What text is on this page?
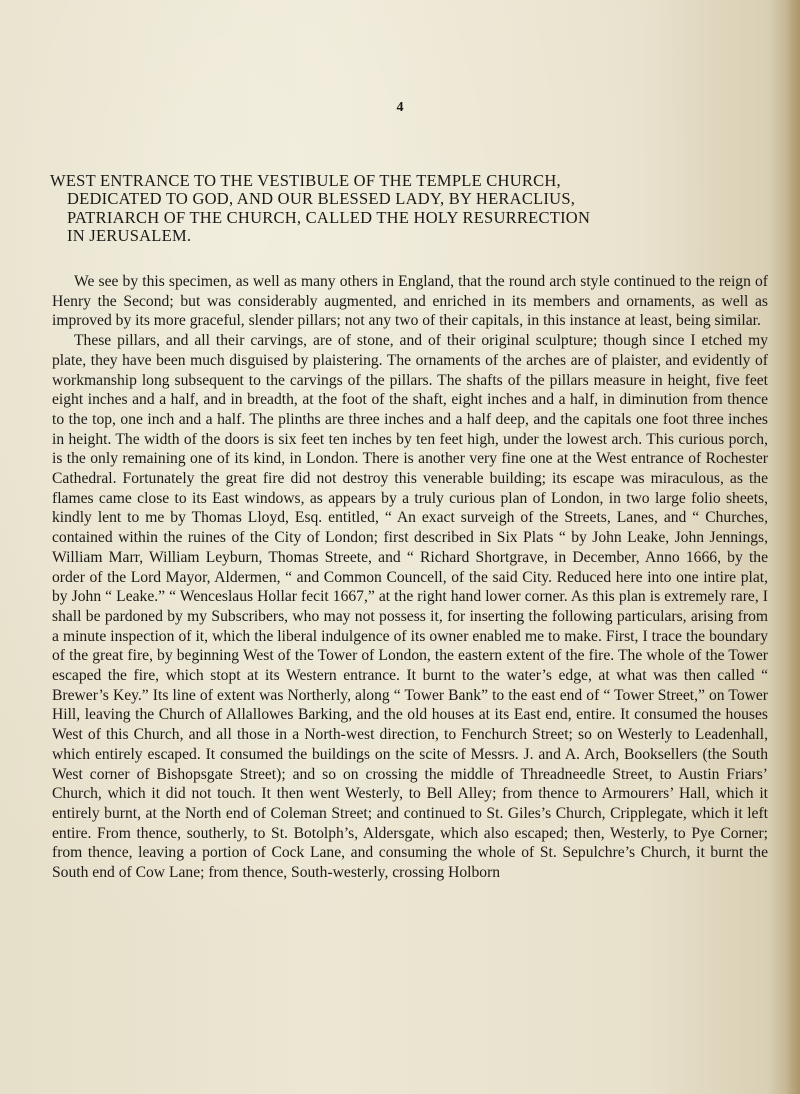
4
WEST ENTRANCE TO THE VESTIBULE OF THE TEMPLE CHURCH,
DEDICATED TO GOD, AND OUR BLESSED LADY, BY HERACLIUS,
PATRIARCH OF THE CHURCH, CALLED THE HOLY RESURRECTION
IN JERUSALEM.

We see by this specimen, as well as many others in England, that the round arch style continued to the reign of Henry the Second; but was considerably augmented, and enriched in its members and ornaments, as well as improved by its more graceful, slender pillars; not any two of their capitals, in this instance at least, being similar.

These pillars, and all their carvings, are of stone, and of their original sculpture; though since I etched my plate, they have been much disguised by plaistering. The ornaments of the arches are of plaister, and evidently of workmanship long subsequent to the carvings of the pillars. The shafts of the pillars measure in height, five feet eight inches and a half, and in breadth, at the foot of the shaft, eight inches and a half, in diminution from thence to the top, one inch and a half. The plinths are three inches and a half deep, and the capitals one foot three inches in height. The width of the doors is six feet ten inches by ten feet high, under the lowest arch. This curious porch, is the only remaining one of its kind, in London. There is another very fine one at the West entrance of Rochester Cathedral. Fortunately the great fire did not destroy this venerable building; its escape was miraculous, as the flames came close to its East windows, as appears by a truly curious plan of London, in two large folio sheets, kindly lent to me by Thomas Lloyd, Esq. entitled, “ An exact surveigh of the Streets, Lanes, and “ Churches, contained within the ruines of the City of London; first described in Six Plats “ by John Leake, John Jennings, William Marr, William Leyburn, Thomas Streete, and “ Richard Shortgrave, in December, Anno 1666, by the order of the Lord Mayor, Aldermen, “ and Common Councell, of the said City. Reduced here into one intire plat, by John “ Leake.” “ Wenceslaus Hollar fecit 1667,” at the right hand lower corner. As this plan is extremely rare, I shall be pardoned by my Subscribers, who may not possess it, for inserting the following particulars, arising from a minute inspection of it, which the liberal indulgence of its owner enabled me to make. First, I trace the boundary of the great fire, by beginning West of the Tower of London, the eastern extent of the fire. The whole of the Tower escaped the fire, which stopt at its Western entrance. It burnt to the water’s edge, at what was then called “ Brewer’s Key.” Its line of extent was Northerly, along “ Tower Bank” to the east end of “ Tower Street,” on Tower Hill, leaving the Church of Allallowes Barking, and the old houses at its East end, entire. It consumed the houses West of this Church, and all those in a North-west direction, to Fenchurch Street; so on Westerly to Leadenhall, which entirely escaped. It consumed the buildings on the scite of Messrs. J. and A. Arch, Booksellers (the South West corner of Bishopsgate Street); and so on crossing the middle of Threadneedle Street, to Austin Friars’ Church, which it did not touch. It then went Westerly, to Bell Alley; from thence to Armourers’ Hall, which it entirely burnt, at the North end of Coleman Street; and continued to St. Giles’s Church, Cripplegate, which it left entire. From thence, southerly, to St. Botolph’s, Aldersgate, which also escaped; then, Westerly, to Pye Corner; from thence, leaving a portion of Cock Lane, and consuming the whole of St. Sepulchre’s Church, it burnt the South end of Cow Lane; from thence, South-westerly, crossing Holborn
